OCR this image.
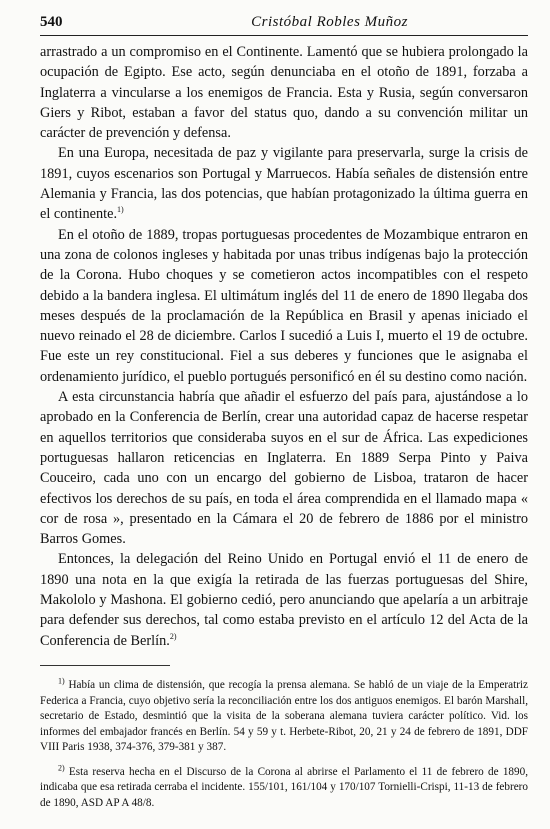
540	Cristóbal Robles Muñoz

arrastrado a un compromiso en el Continente. Lamentó que se hubiera prolongado la ocupación de Egipto. Ese acto, según denunciaba en el otoño de 1891, forzaba a Inglaterra a vincularse a los enemigos de Francia. Esta y Rusia, según conversaron Giers y Ribot, estaban a favor del status quo, dando a su convención militar un carácter de prevención y defensa.

En una Europa, necesitada de paz y vigilante para preservarla, surge la crisis de 1891, cuyos escenarios son Portugal y Marruecos. Había señales de distensión entre Alemania y Francia, las dos potencias, que habían protagonizado la última guerra en el continente.$^{1)}$

En el otoño de 1889, tropas portuguesas procedentes de Mozambique entraron en una zona de colonos ingleses y habitada por unas tribus indígenas bajo la protección de la Corona. Hubo choques y se cometieron actos incompatibles con el respeto debido a la bandera inglesa. El ultimátum inglés del 11 de enero de 1890 llegaba dos meses después de la proclamación de la República en Brasil y apenas iniciado el nuevo reinado el 28 de diciembre. Carlos I sucedió a Luis I, muerto el 19 de octubre. Fue este un rey constitucional. Fiel a sus deberes y funciones que le asignaba el ordenamiento jurídico, el pueblo portugués personificó en él su destino como nación.

A esta circunstancia habría que añadir el esfuerzo del país para, ajustándose a lo aprobado en la Conferencia de Berlín, crear una autoridad capaz de hacerse respetar en aquellos territorios que consideraba suyos en el sur de África. Las expediciones portuguesas hallaron reticencias en Inglaterra. En 1889 Serpa Pinto y Paiva Couceiro, cada uno con un encargo del gobierno de Lisboa, trataron de hacer efectivos los derechos de su país, en toda el área comprendida en el llamado mapa « cor de rosa », presentado en la Cámara el 20 de febrero de 1886 por el ministro Barros Gomes.

Entonces, la delegación del Reino Unido en Portugal envió el 11 de enero de 1890 una nota en la que exigía la retirada de las fuerzas portuguesas del Shire, Makololo y Mashona. El gobierno cedió, pero anunciando que apelaría a un arbitraje para defender sus derechos, tal como estaba previsto en el artículo 12 del Acta de la Conferencia de Berlín.$^{2)}$

$^{1)}$ Había un clima de distensión, que recogía la prensa alemana. Se habló de un viaje de la Emperatriz Federica a Francia, cuyo objetivo sería la reconciliación entre los dos antiguos enemigos. El barón Marshall, secretario de Estado, desmintió que la visita de la soberana alemana tuviera carácter político. Vid. los informes del embajador francés en Berlín. 54 y 59 y t. Herbete-Ribot, 20, 21 y 24 de febrero de 1891, DDF VIII Paris 1938, 374-376, 379-381 y 387.

$^{2)}$ Esta reserva hecha en el Discurso de la Corona al abrirse el Parlamento el 11 de febrero de 1890, indicaba que esa retirada cerraba el incidente. 155/101, 161/104 y 170/107 Tornielli-Crispi, 11-13 de febrero de 1890, ASD AP A 48/8.
